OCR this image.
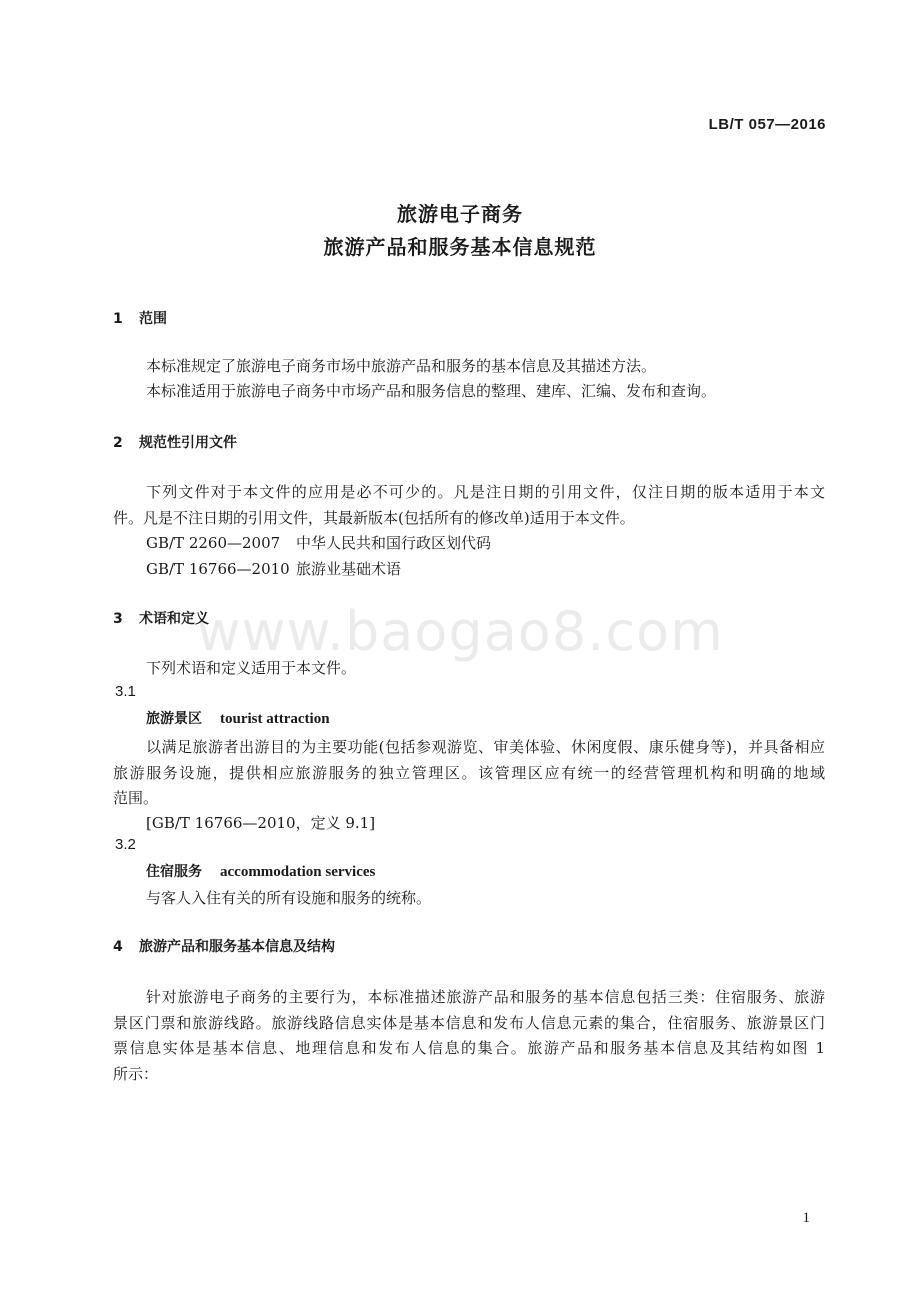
www.baogao8.com
LB/T 057—2016
旅游电子商务
旅游产品和服务基本信息规范
1 范围
本标准规定了旅游电子商务市场中旅游产品和服务的基本信息及其描述方法。
本标准适用于旅游电子商务中市场产品和服务信息的整理、建库、汇编、发布和查询。
2 规范性引用文件
下列文件对于本文件的应用是必不可少的。凡是注日期的引用文件，仅注日期的版本适用于本文
件。凡是不注日期的引用文件，其最新版本(包括所有的修改单)适用于本文件。
GB/T 2260—2007 中华人民共和国行政区划代码
GB/T 16766—2010 旅游业基础术语
3 术语和定义
下列术语和定义适用于本文件。
3.1
旅游景区 tourist attraction
以满足旅游者出游目的为主要功能(包括参观游览、审美体验、休闲度假、康乐健身等)，并具备相应
旅游服务设施，提供相应旅游服务的独立管理区。该管理区应有统一的经营管理机构和明确的地域
范围。
[GB/T 16766—2010，定义 9.1]
3.2
住宿服务 accommodation services
与客人入住有关的所有设施和服务的统称。
4 旅游产品和服务基本信息及结构
针对旅游电子商务的主要行为，本标准描述旅游产品和服务的基本信息包括三类：住宿服务、旅游
景区门票和旅游线路。旅游线路信息实体是基本信息和发布人信息元素的集合，住宿服务、旅游景区门
票信息实体是基本信息、地理信息和发布人信息的集合。旅游产品和服务基本信息及其结构如图 1
所示：
1
